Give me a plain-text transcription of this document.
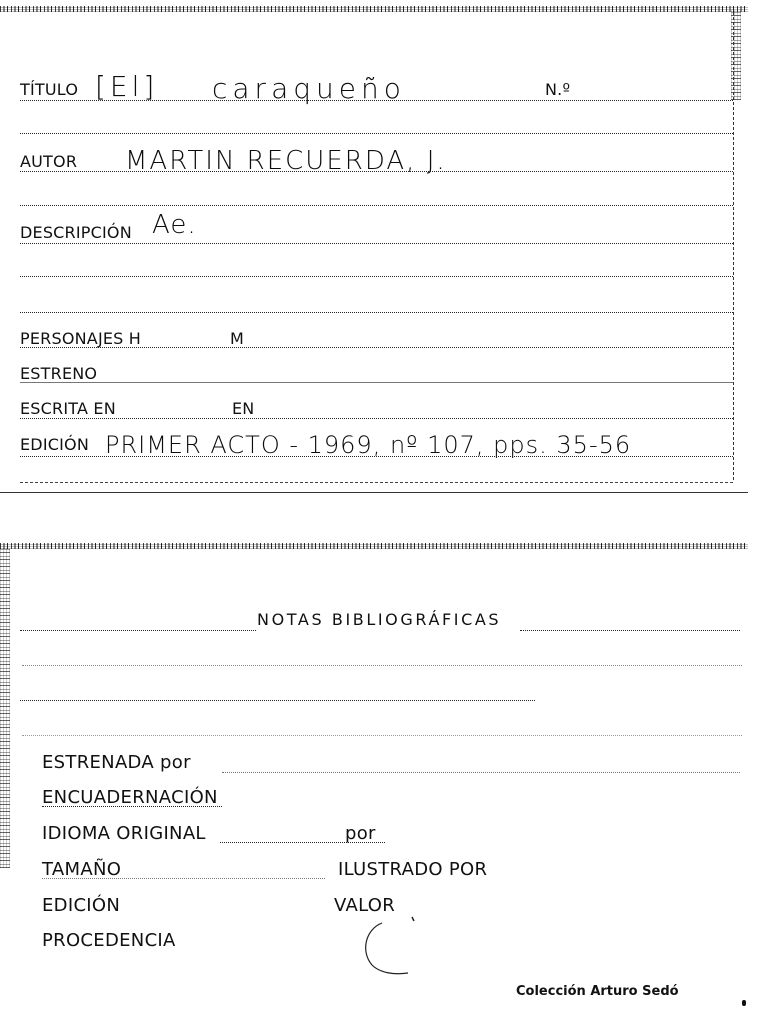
TÍTULO [El] caraqueño	N.º
AUTOR MARTIN RECUERDA, J.
DESCRIPCIÓN Ae.
PERSONAJES H	M
ESTRENO
ESCRITA EN	EN
EDICIÓN PRIMER ACTO - 1969, nº 107, pps. 35-56
NOTAS BIBLIOGRÁFICAS
ESTRENADA por
ENCUADERNACIÓN
IDIOMA ORIGINAL	por
TAMAÑO	ILUSTRADO POR
EDICIÓN	VALOR
PROCEDENCIA
Colección Arturo Sedó
